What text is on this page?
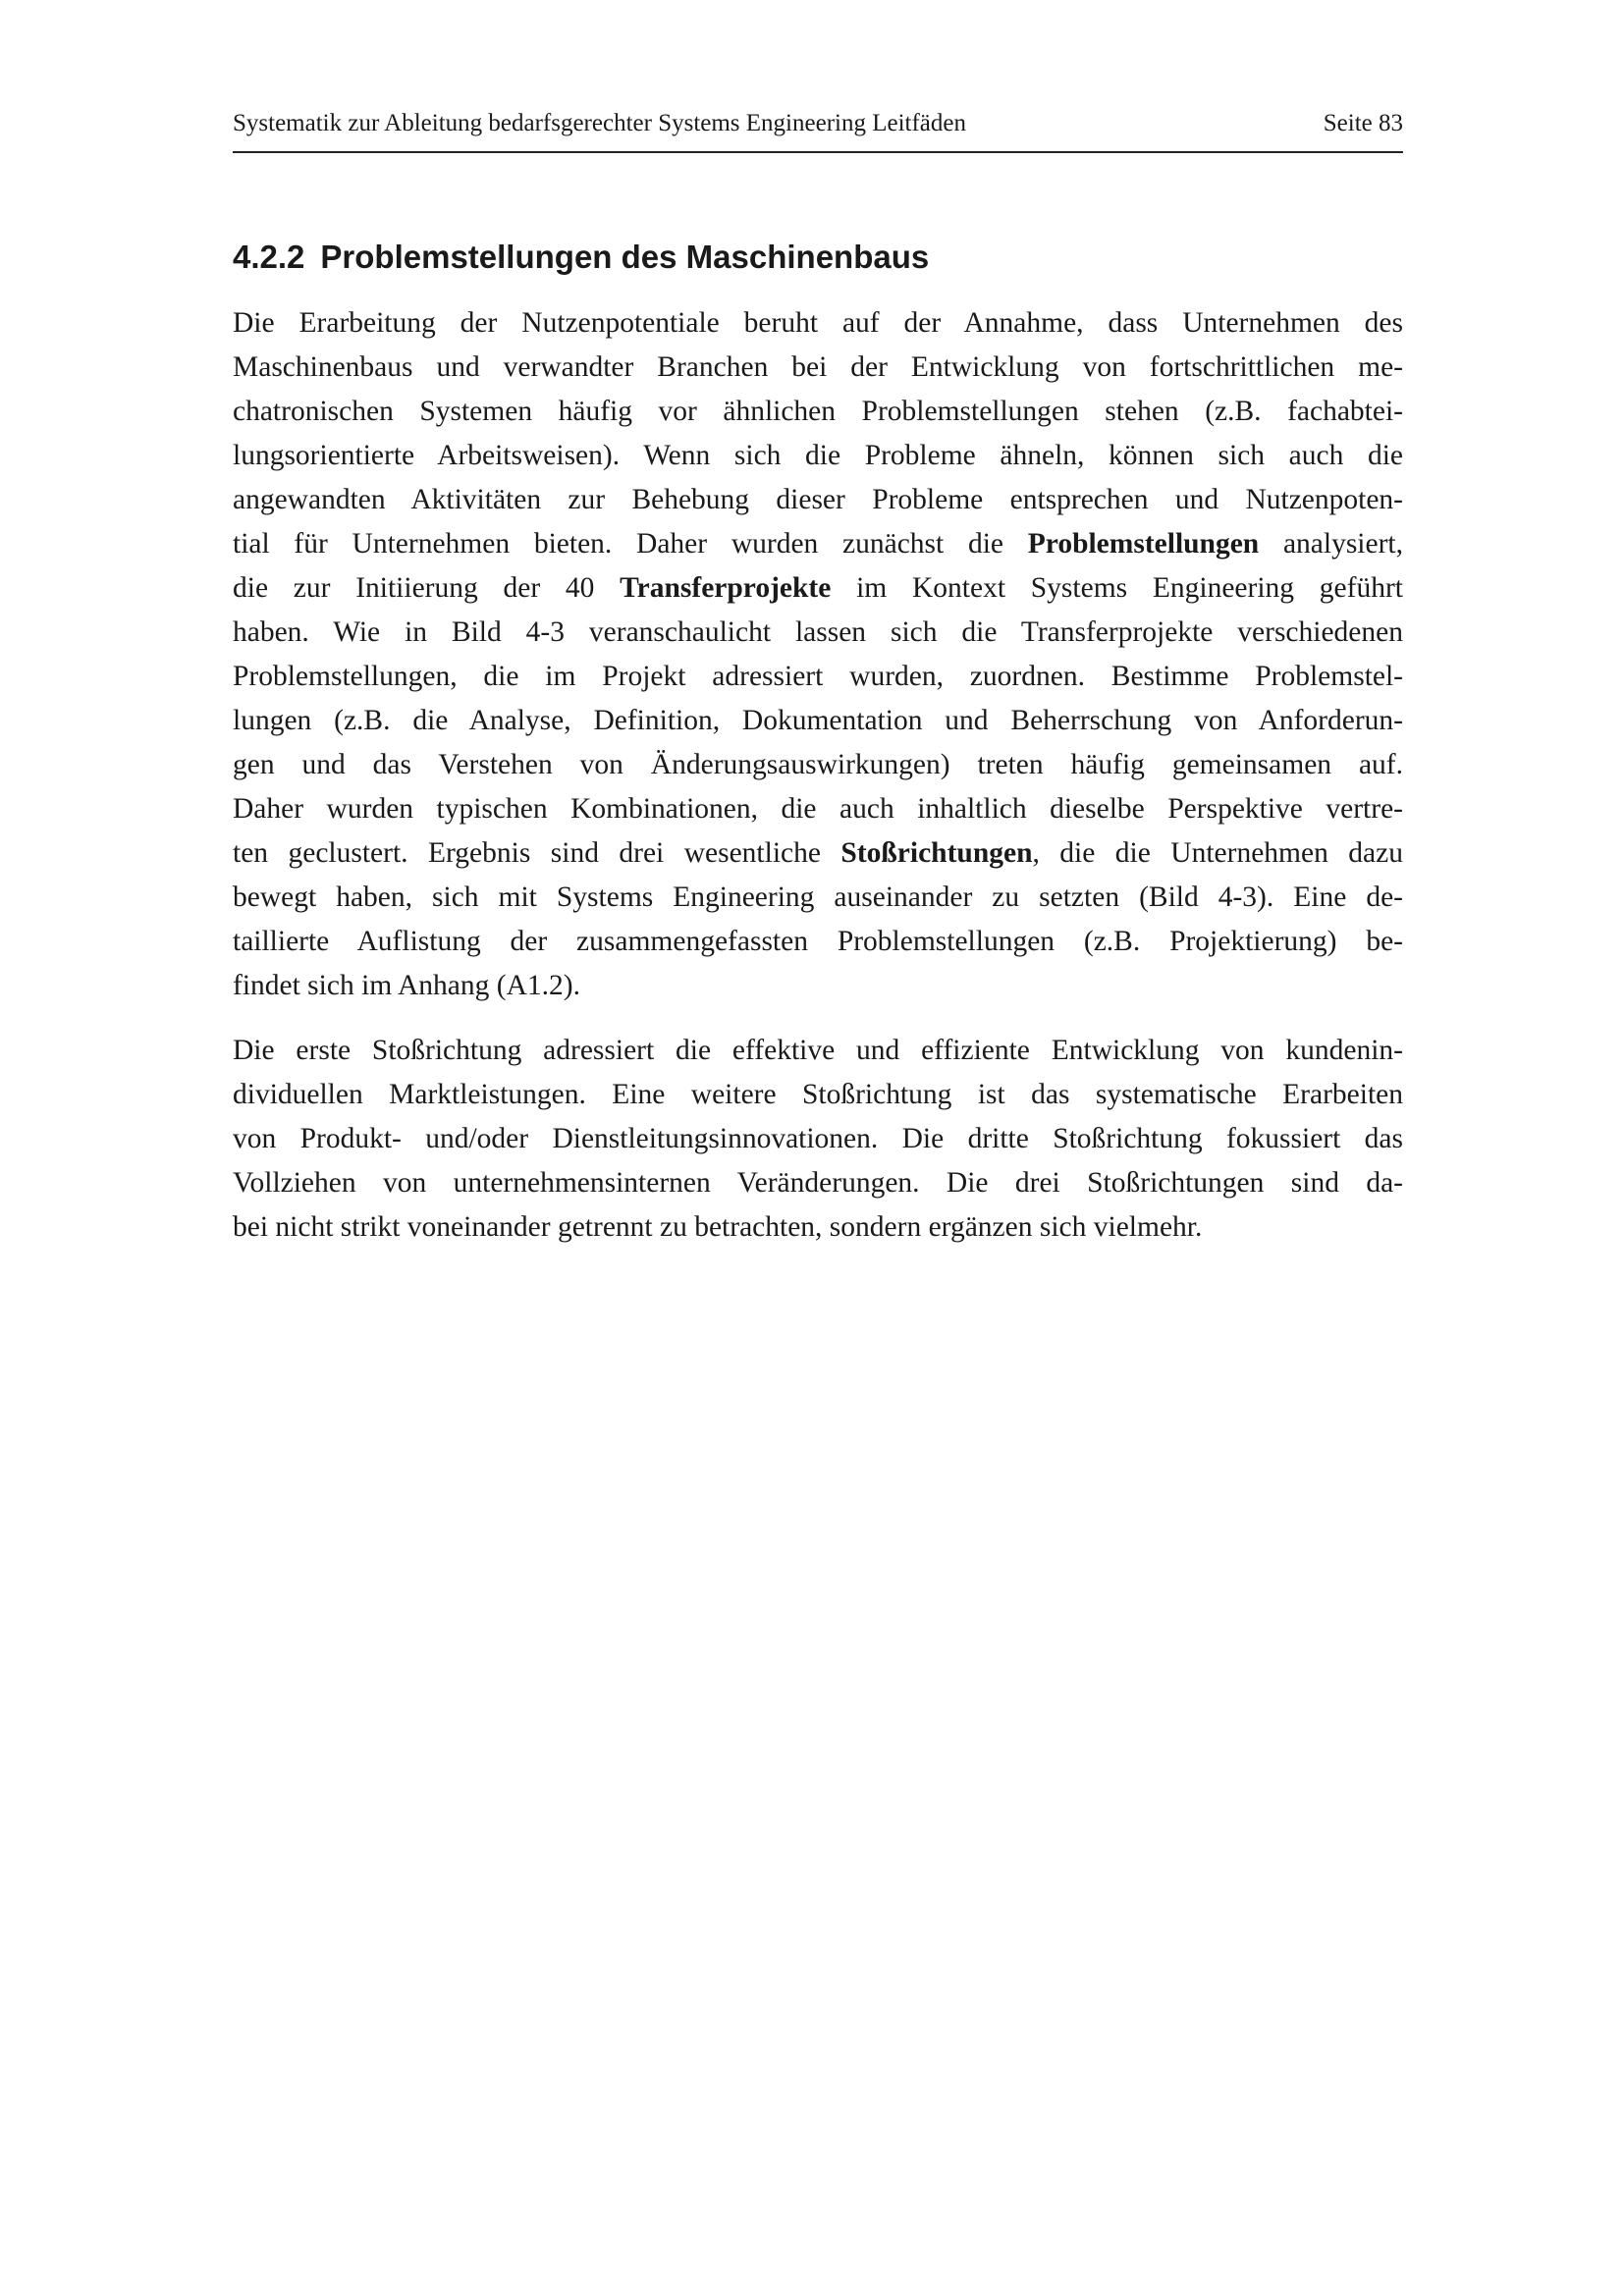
Systematik zur Ableitung bedarfsgerechter Systems Engineering Leitfäden	Seite 83
4.2.2 Problemstellungen des Maschinenbaus

Die Erarbeitung der Nutzenpotentiale beruht auf der Annahme, dass Unternehmen des
Maschinenbaus und verwandter Branchen bei der Entwicklung von fortschrittlichen me-
chatronischen Systemen häufig vor ähnlichen Problemstellungen stehen (z.B. fachabtei-
lungsorientierte Arbeitsweisen). Wenn sich die Probleme ähneln, können sich auch die
angewandten Aktivitäten zur Behebung dieser Probleme entsprechen und Nutzenpoten-
tial für Unternehmen bieten. Daher wurden zunächst die Problemstellungen analysiert,
die zur Initiierung der 40 Transferprojekte im Kontext Systems Engineering geführt
haben. Wie in Bild 4-3 veranschaulicht lassen sich die Transferprojekte verschiedenen
Problemstellungen, die im Projekt adressiert wurden, zuordnen. Bestimme Problemstel-
lungen (z.B. die Analyse, Definition, Dokumentation und Beherrschung von Anforderun-
gen und das Verstehen von Änderungsauswirkungen) treten häufig gemeinsamen auf.
Daher wurden typischen Kombinationen, die auch inhaltlich dieselbe Perspektive vertre-
ten geclustert. Ergebnis sind drei wesentliche Stoßrichtungen, die die Unternehmen dazu
bewegt haben, sich mit Systems Engineering auseinander zu setzten (Bild 4-3). Eine de-
taillierte Auflistung der zusammengefassten Problemstellungen (z.B. Projektierung) be-
findet sich im Anhang (A1.2).

Die erste Stoßrichtung adressiert die effektive und effiziente Entwicklung von kundenin-
dividuellen Marktleistungen. Eine weitere Stoßrichtung ist das systematische Erarbeiten
von Produkt- und/oder Dienstleitungsinnovationen. Die dritte Stoßrichtung fokussiert das
Vollziehen von unternehmensinternen Veränderungen. Die drei Stoßrichtungen sind da-
bei nicht strikt voneinander getrennt zu betrachten, sondern ergänzen sich vielmehr.
